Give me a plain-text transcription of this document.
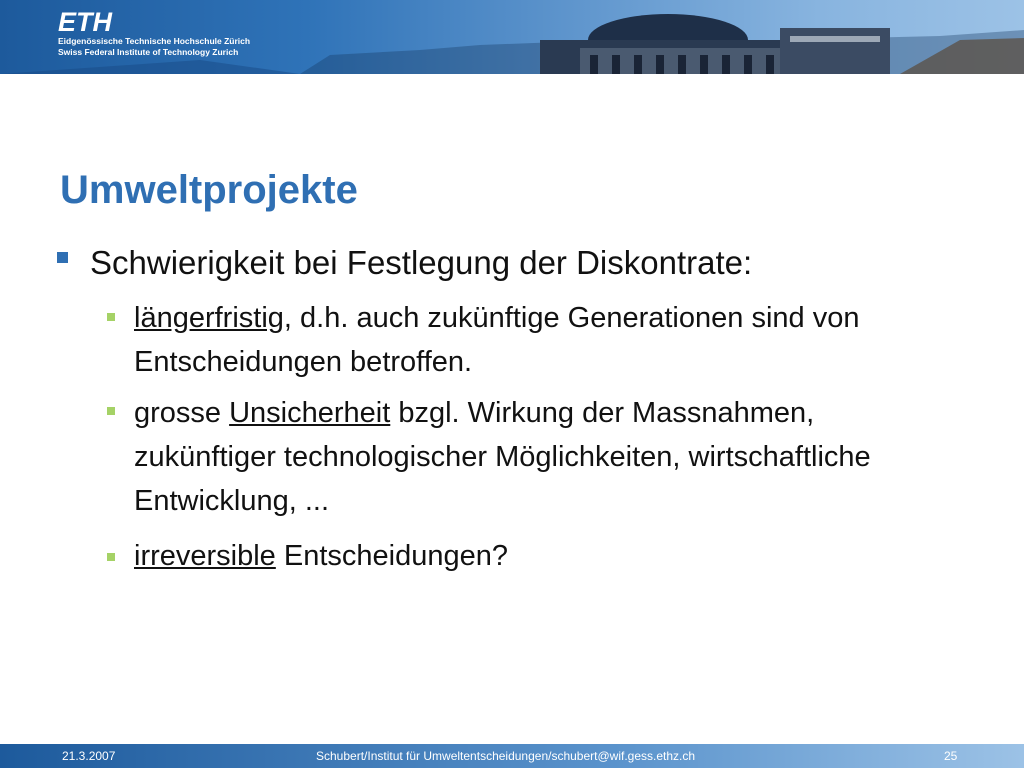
ETH
Eidgenössische Technische Hochschule Zürich
Swiss Federal Institute of Technology Zurich
Umweltprojekte
Schwierigkeit bei Festlegung der Diskontrate:
längerfristig, d.h. auch zukünftige Generationen sind von Entscheidungen betroffen.
grosse Unsicherheit bzgl. Wirkung der Massnahmen, zukünftiger technologischer Möglichkeiten, wirtschaftliche Entwicklung, ...
irreversible Entscheidungen?
21.3.2007	Schubert/Institut für Umweltentscheidungen/schubert@wif.gess.ethz.ch	25
